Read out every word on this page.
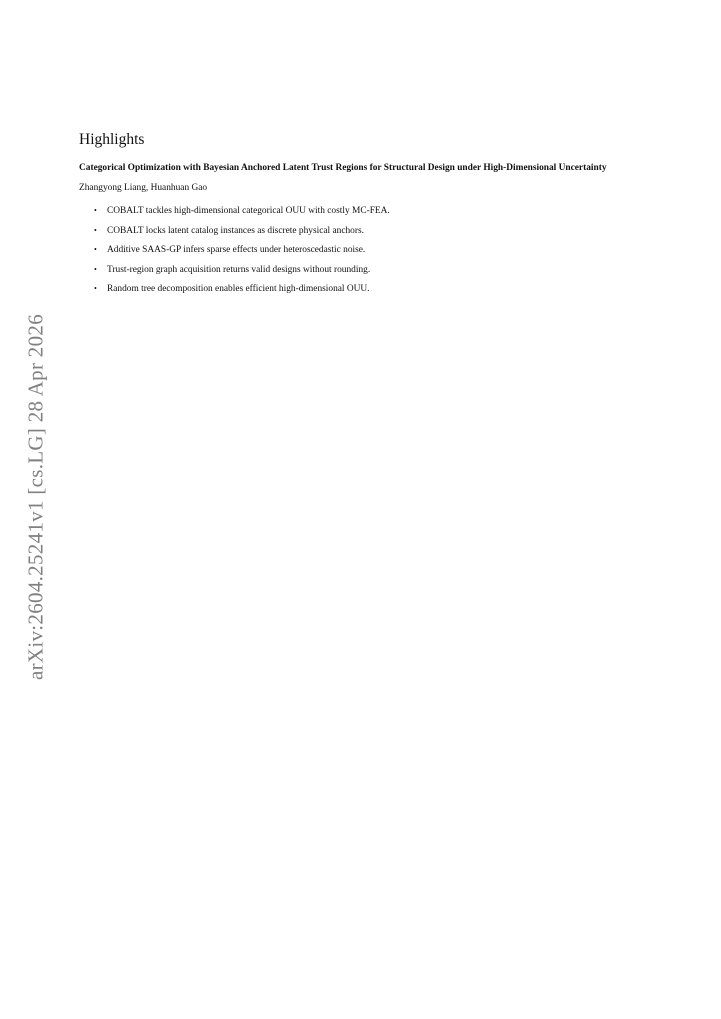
arXiv:2604.25241v1 [cs.LG] 28 Apr 2026
Highlights
Categorical Optimization with Bayesian Anchored Latent Trust Regions for Structural Design under High-Dimensional Uncertainty
Zhangyong Liang, Huanhuan Gao
• COBALT tackles high-dimensional categorical OUU with costly MC-FEA.
• COBALT locks latent catalog instances as discrete physical anchors.
• Additive SAAS-GP infers sparse effects under heteroscedastic noise.
• Trust-region graph acquisition returns valid designs without rounding.
• Random tree decomposition enables efficient high-dimensional OUU.
